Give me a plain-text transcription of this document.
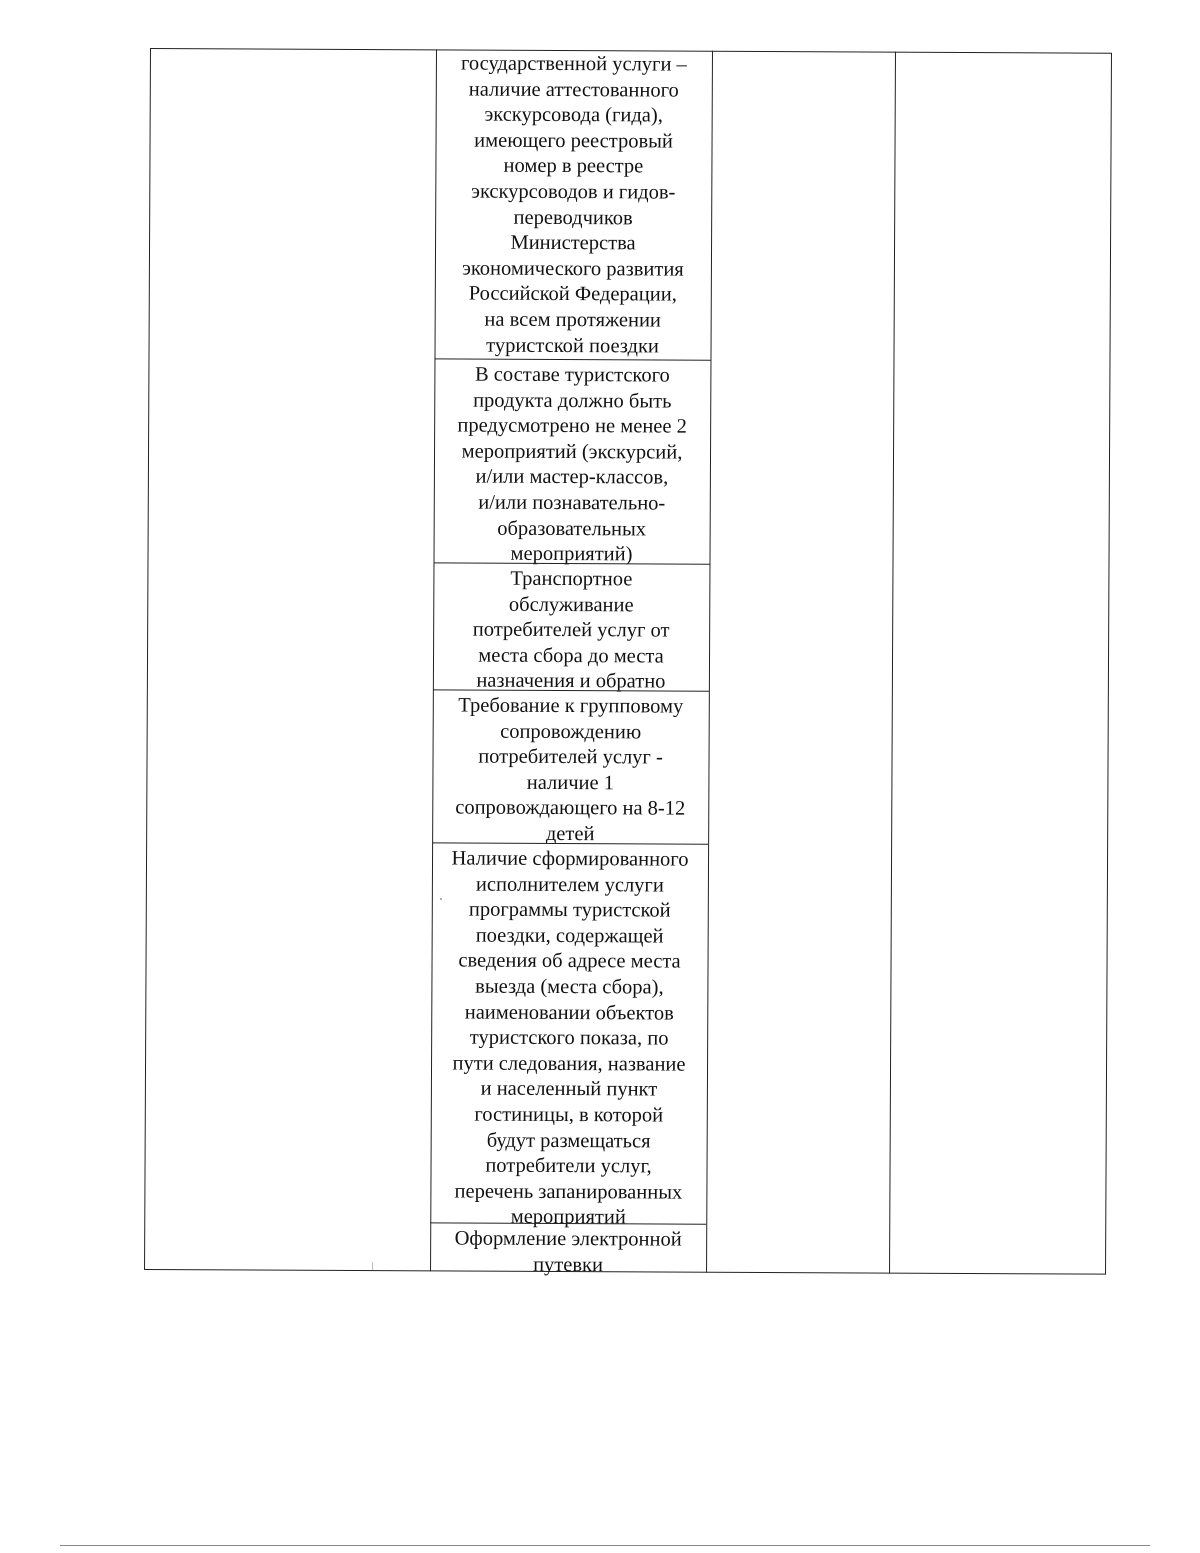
государственной услуги –
наличие аттестованного
экскурсовода (гида),
имеющего реестровый
номер в реестре
экскурсоводов и гидов-
переводчиков
Министерства
экономического развития
Российской Федерации,
на всем протяжении
туристской поездки

В составе туристского
продукта должно быть
предусмотрено не менее 2
мероприятий (экскурсий,
и/или мастер-классов,
и/или познавательно-
образовательных
мероприятий)

Транспортное
обслуживание
потребителей услуг от
места сбора до места
назначения и обратно

Требование к групповому
сопровождению
потребителей услуг -
наличие 1
сопровождающего на 8-12
детей

Наличие сформированного
исполнителем услуги
программы туристской
поездки, содержащей
сведения об адресе места
выезда (места сбора),
наименовании объектов
туристского показа, по
пути следования, название
и населенный пункт
гостиницы, в которой
будут размещаться
потребители услуг,
перечень запанированных
мероприятий

Оформление электронной
путевки
